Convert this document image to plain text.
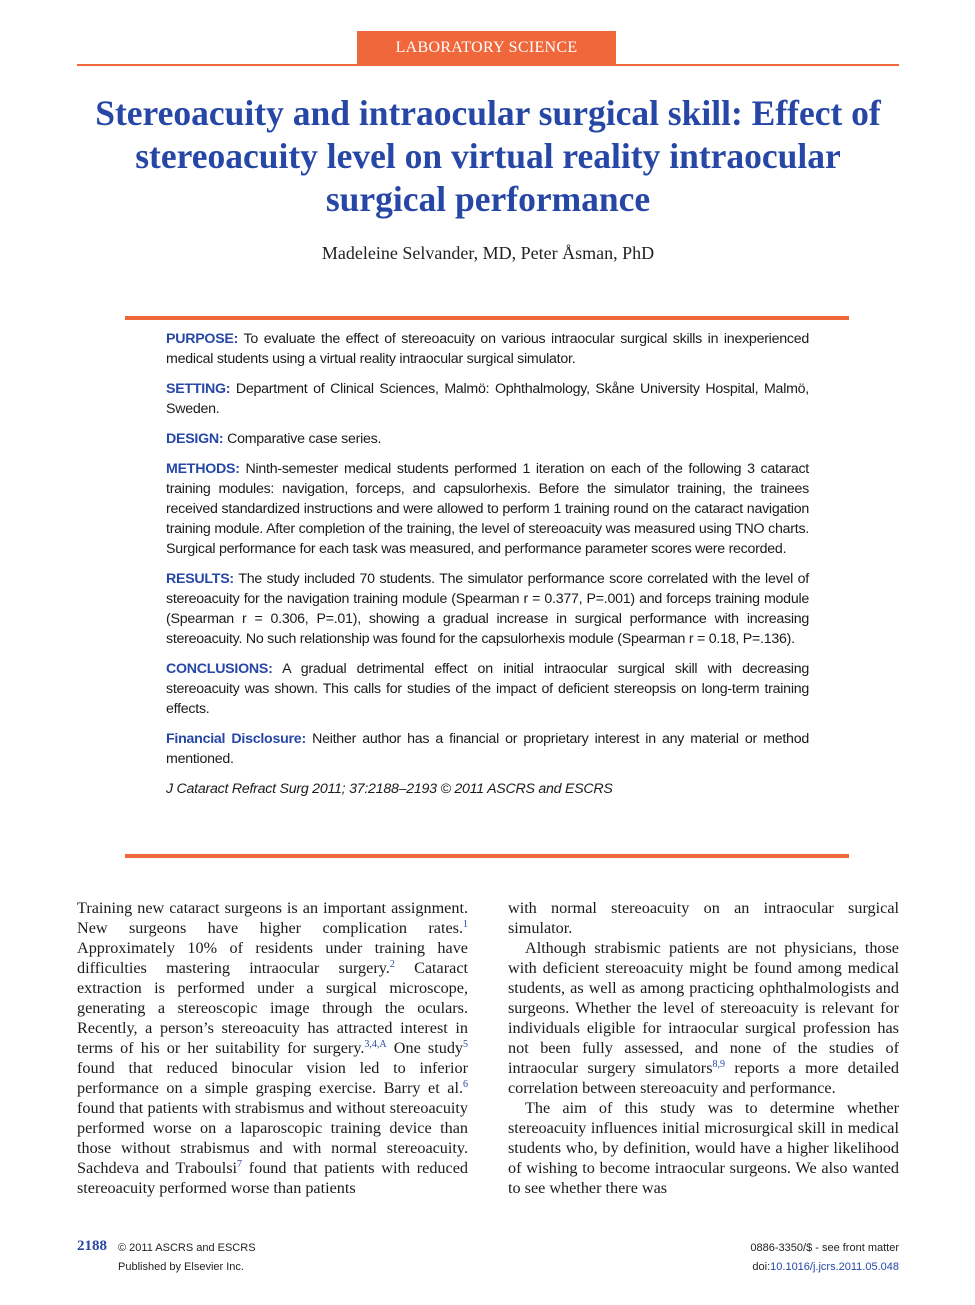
LABORATORY SCIENCE
Stereoacuity and intraocular surgical skill: Effect of stereoacuity level on virtual reality intraocular surgical performance
Madeleine Selvander, MD, Peter Åsman, PhD

PURPOSE: To evaluate the effect of stereoacuity on various intraocular surgical skills in inexperienced medical students using a virtual reality intraocular surgical simulator.

SETTING: Department of Clinical Sciences, Malmö: Ophthalmology, Skåne University Hospital, Malmö, Sweden.

DESIGN: Comparative case series.

METHODS: Ninth-semester medical students performed 1 iteration on each of the following 3 cataract training modules: navigation, forceps, and capsulorhexis. Before the simulator training, the trainees received standardized instructions and were allowed to perform 1 training round on the cataract navigation training module. After completion of the training, the level of stereoacuity was measured using TNO charts. Surgical performance for each task was measured, and performance parameter scores were recorded.

RESULTS: The study included 70 students. The simulator performance score correlated with the level of stereoacuity for the navigation training module (Spearman r = 0.377, P=.001) and forceps training module (Spearman r = 0.306, P=.01), showing a gradual increase in surgical performance with increasing stereoacuity. No such relationship was found for the capsulorhexis module (Spearman r = 0.18, P=.136).

CONCLUSIONS: A gradual detrimental effect on initial intraocular surgical skill with decreasing stereoacuity was shown. This calls for studies of the impact of deficient stereopsis on long-term training effects.

Financial Disclosure: Neither author has a financial or proprietary interest in any material or method mentioned.

J Cataract Refract Surg 2011; 37:2188–2193 © 2011 ASCRS and ESCRS

Training new cataract surgeons is an important assignment. New surgeons have higher complication rates.$^1$ Approximately 10% of residents under training have difficulties mastering intraocular surgery.$^2$ Cataract extraction is performed under a surgical microscope, generating a stereoscopic image through the oculars. Recently, a person’s stereoacuity has attracted interest in terms of his or her suitability for surgery.$^{3,4,A}$ One study$^5$ found that reduced binocular vision led to inferior performance on a simple grasping exercise. Barry et al.$^6$ found that patients with strabismus and without stereoacuity performed worse on a laparoscopic training device than those without strabismus and with normal stereoacuity. Sachdeva and Traboulsi$^7$ found that patients with reduced stereoacuity performed worse than patients

with normal stereoacuity on an intraocular surgical simulator.

Although strabismic patients are not physicians, those with deficient stereoacuity might be found among medical students, as well as among practicing ophthalmologists and surgeons. Whether the level of stereoacuity is relevant for individuals eligible for intraocular surgical profession has not been fully assessed, and none of the studies of intraocular surgery simulators$^{8,9}$ reports a more detailed correlation between stereoacuity and performance.

The aim of this study was to determine whether stereoacuity influences initial microsurgical skill in medical students who, by definition, would have a higher likelihood of wishing to become intraocular surgeons. We also wanted to see whether there was

2188 © 2011 ASCRS and ESCRS
Published by Elsevier Inc.
0886-3350/$ - see front matter
doi:10.1016/j.jcrs.2011.05.048
